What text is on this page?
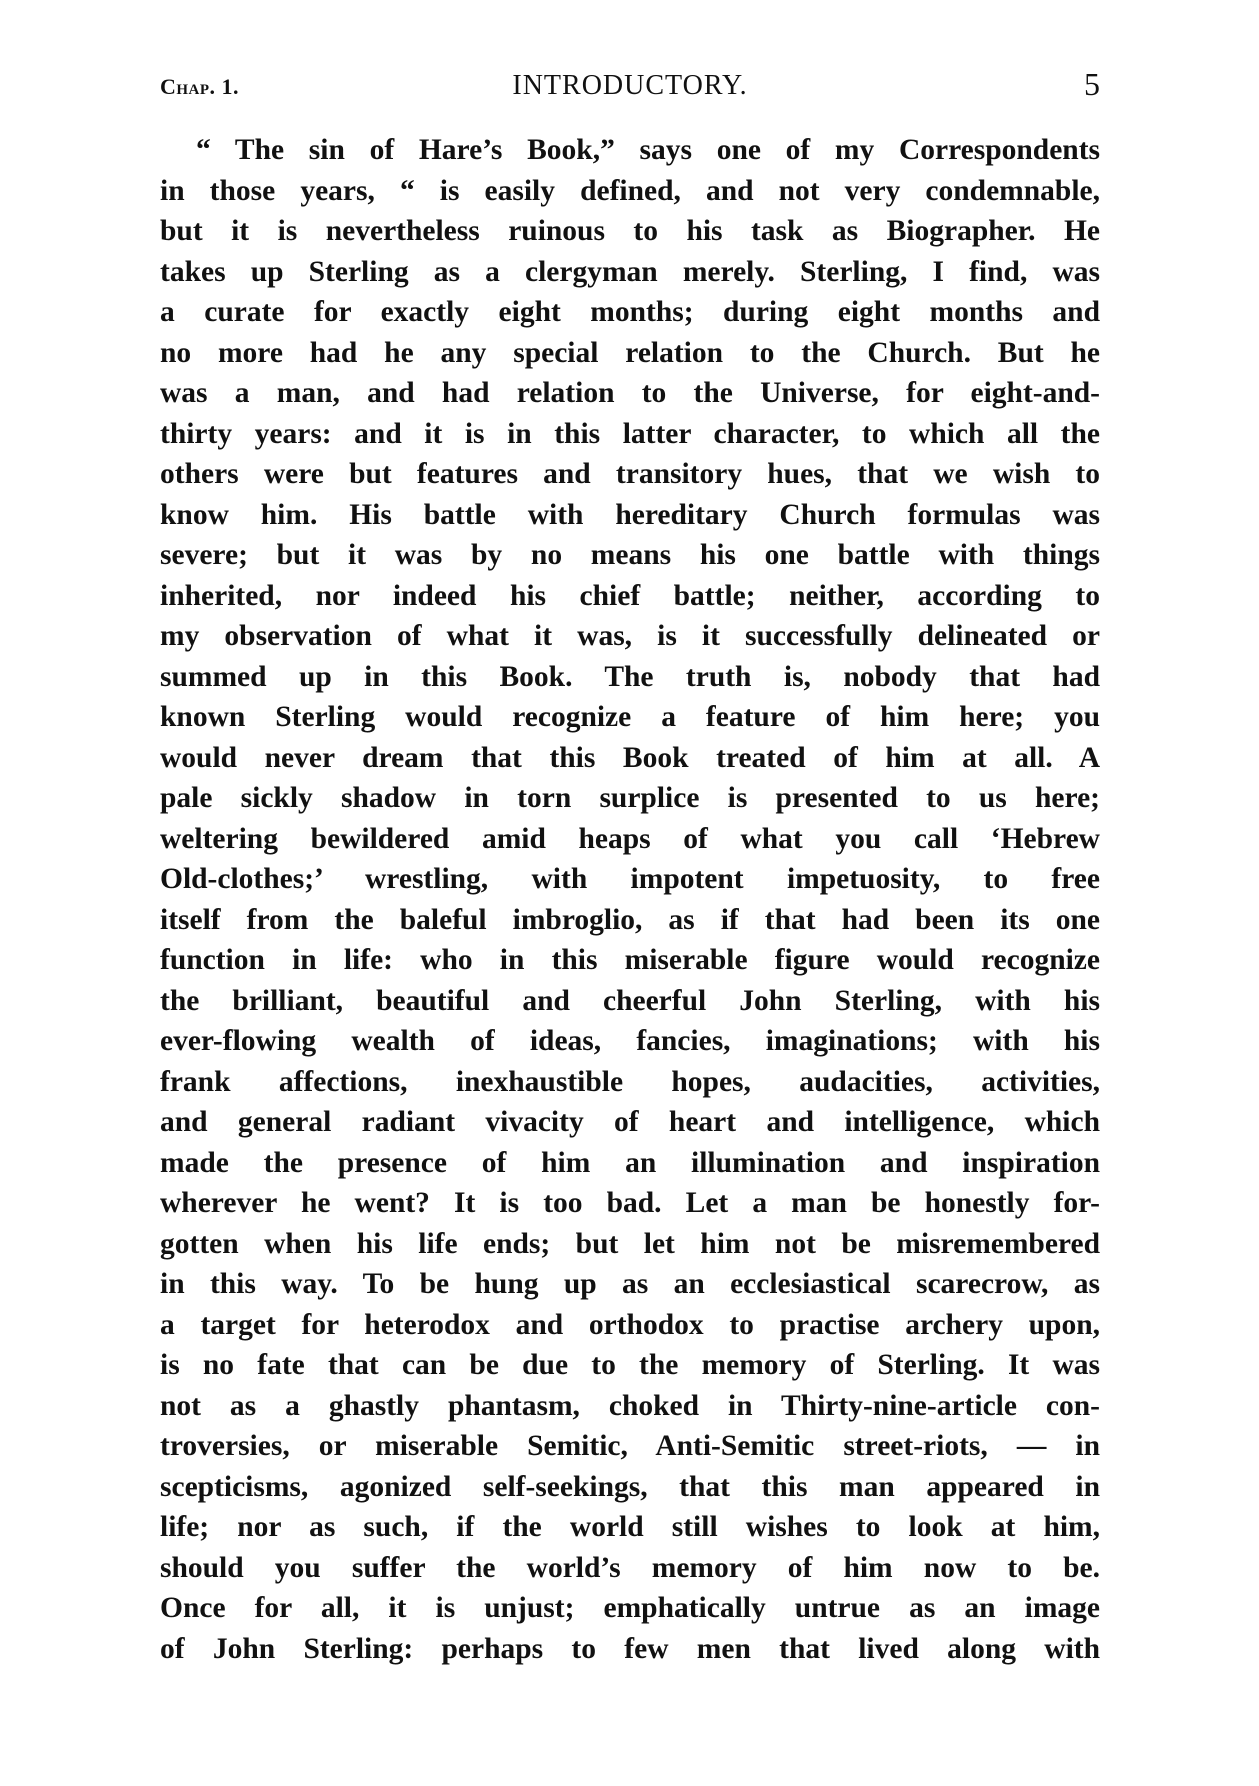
Chap. 1.	INTRODUCTORY.	5
“ The sin of Hare’s Book,” says one of my Correspondents
in those years, “ is easily defined, and not very condemnable,
but it is nevertheless ruinous to his task as Biographer. He
takes up Sterling as a clergyman merely. Sterling, I find, was
a curate for exactly eight months; during eight months and
no more had he any special relation to the Church. But he
was a man, and had relation to the Universe, for eight-and-
thirty years: and it is in this latter character, to which all the
others were but features and transitory hues, that we wish to
know him. His battle with hereditary Church formulas was
severe; but it was by no means his one battle with things
inherited, nor indeed his chief battle; neither, according to
my observation of what it was, is it successfully delineated or
summed up in this Book. The truth is, nobody that had
known Sterling would recognize a feature of him here; you
would never dream that this Book treated of him at all. A
pale sickly shadow in torn surplice is presented to us here;
weltering bewildered amid heaps of what you call ‘Hebrew
Old-clothes;’ wrestling, with impotent impetuosity, to free
itself from the baleful imbroglio, as if that had been its one
function in life: who in this miserable figure would recognize
the brilliant, beautiful and cheerful John Sterling, with his
ever-flowing wealth of ideas, fancies, imaginations; with his
frank affections, inexhaustible hopes, audacities, activities,
and general radiant vivacity of heart and intelligence, which
made the presence of him an illumination and inspiration
wherever he went? It is too bad. Let a man be honestly for-
gotten when his life ends; but let him not be misremembered
in this way. To be hung up as an ecclesiastical scarecrow, as
a target for heterodox and orthodox to practise archery upon,
is no fate that can be due to the memory of Sterling. It was
not as a ghastly phantasm, choked in Thirty-nine-article con-
troversies, or miserable Semitic, Anti-Semitic street-riots, — in
scepticisms, agonized self-seekings, that this man appeared in
life; nor as such, if the world still wishes to look at him,
should you suffer the world’s memory of him now to be.
Once for all, it is unjust; emphatically untrue as an image
of John Sterling: perhaps to few men that lived along with
